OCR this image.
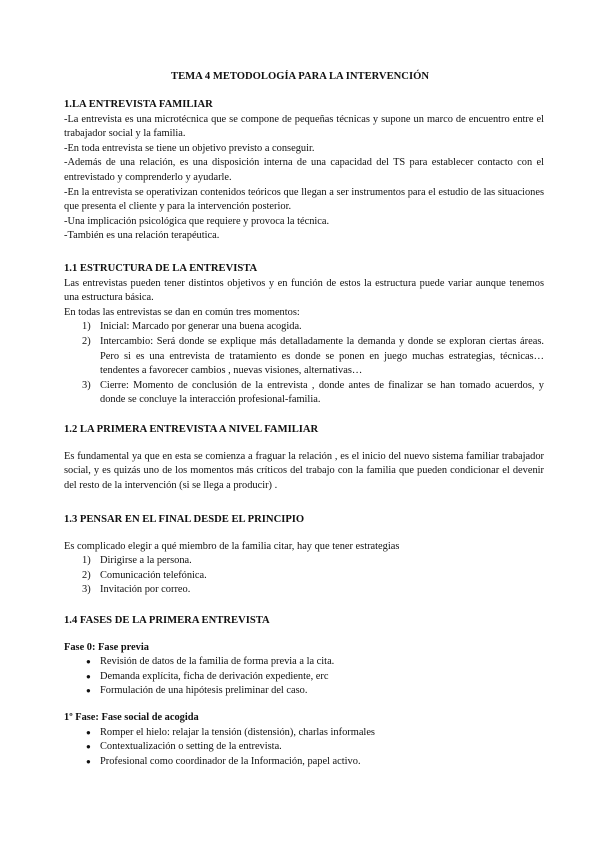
TEMA 4 METODOLOGÍA PARA LA INTERVENCIÓN

1.LA ENTREVISTA FAMILIAR

-La entrevista es una microtécnica que se compone de pequeñas técnicas y supone un marco de encuentro entre el trabajador social y la familia.

-En toda entrevista se tiene un objetivo previsto a conseguir.

-Además de una relación, es una disposición interna de una capacidad del TS para establecer contacto con el entrevistado y comprenderlo y ayudarle.

-En la entrevista se operativizan contenidos teóricos que llegan a ser instrumentos para el estudio de las situaciones que presenta el cliente y para la intervención posterior.

-Una implicación psicológica que requiere y provoca la técnica.

-También es una relación terapéutica.

1.1 ESTRUCTURA DE LA ENTREVISTA

Las entrevistas pueden tener distintos objetivos y en función de estos la estructura puede variar aunque tenemos una estructura básica.

En todas las entrevistas se dan en común tres momentos:

1) Inicial: Marcado por generar una buena acogida.
2) Intercambio: Será donde se explique más detalladamente la demanda y donde se exploran ciertas áreas. Pero si es una entrevista de tratamiento es donde se ponen en juego muchas estrategias, técnicas… tendentes a favorecer cambios , nuevas visiones, alternativas…
3) Cierre: Momento de conclusión de la entrevista , donde antes de finalizar se han tomado acuerdos, y donde se concluye la interacción profesional-familia.

1.2 LA PRIMERA ENTREVISTA A NIVEL FAMILIAR

Es fundamental ya que en esta se comienza a fraguar la relación , es el inicio del nuevo sistema familiar trabajador social, y es quizás uno de los momentos más críticos del trabajo con la familia que pueden condicionar el devenir del resto de la intervención (si se llega a producir) .

1.3 PENSAR EN EL FINAL DESDE EL PRINCIPIO

Es complicado elegir a qué miembro de la familia citar, hay que tener estrategias

1) Dirigirse a la persona.
2) Comunicación telefónica.
3) Invitación por correo.

1.4 FASES DE LA PRIMERA ENTREVISTA

Fase 0: Fase previa

● Revisión de datos de la familia de forma previa a la cita.
● Demanda explícita, ficha de derivación expediente, erc
● Formulación de una hipótesis preliminar del caso.

1º Fase: Fase social de acogida

● Romper el hielo: relajar la tensión (distensión), charlas informales
● Contextualización o setting de la entrevista.
● Profesional como coordinador de la Información, papel activo.
